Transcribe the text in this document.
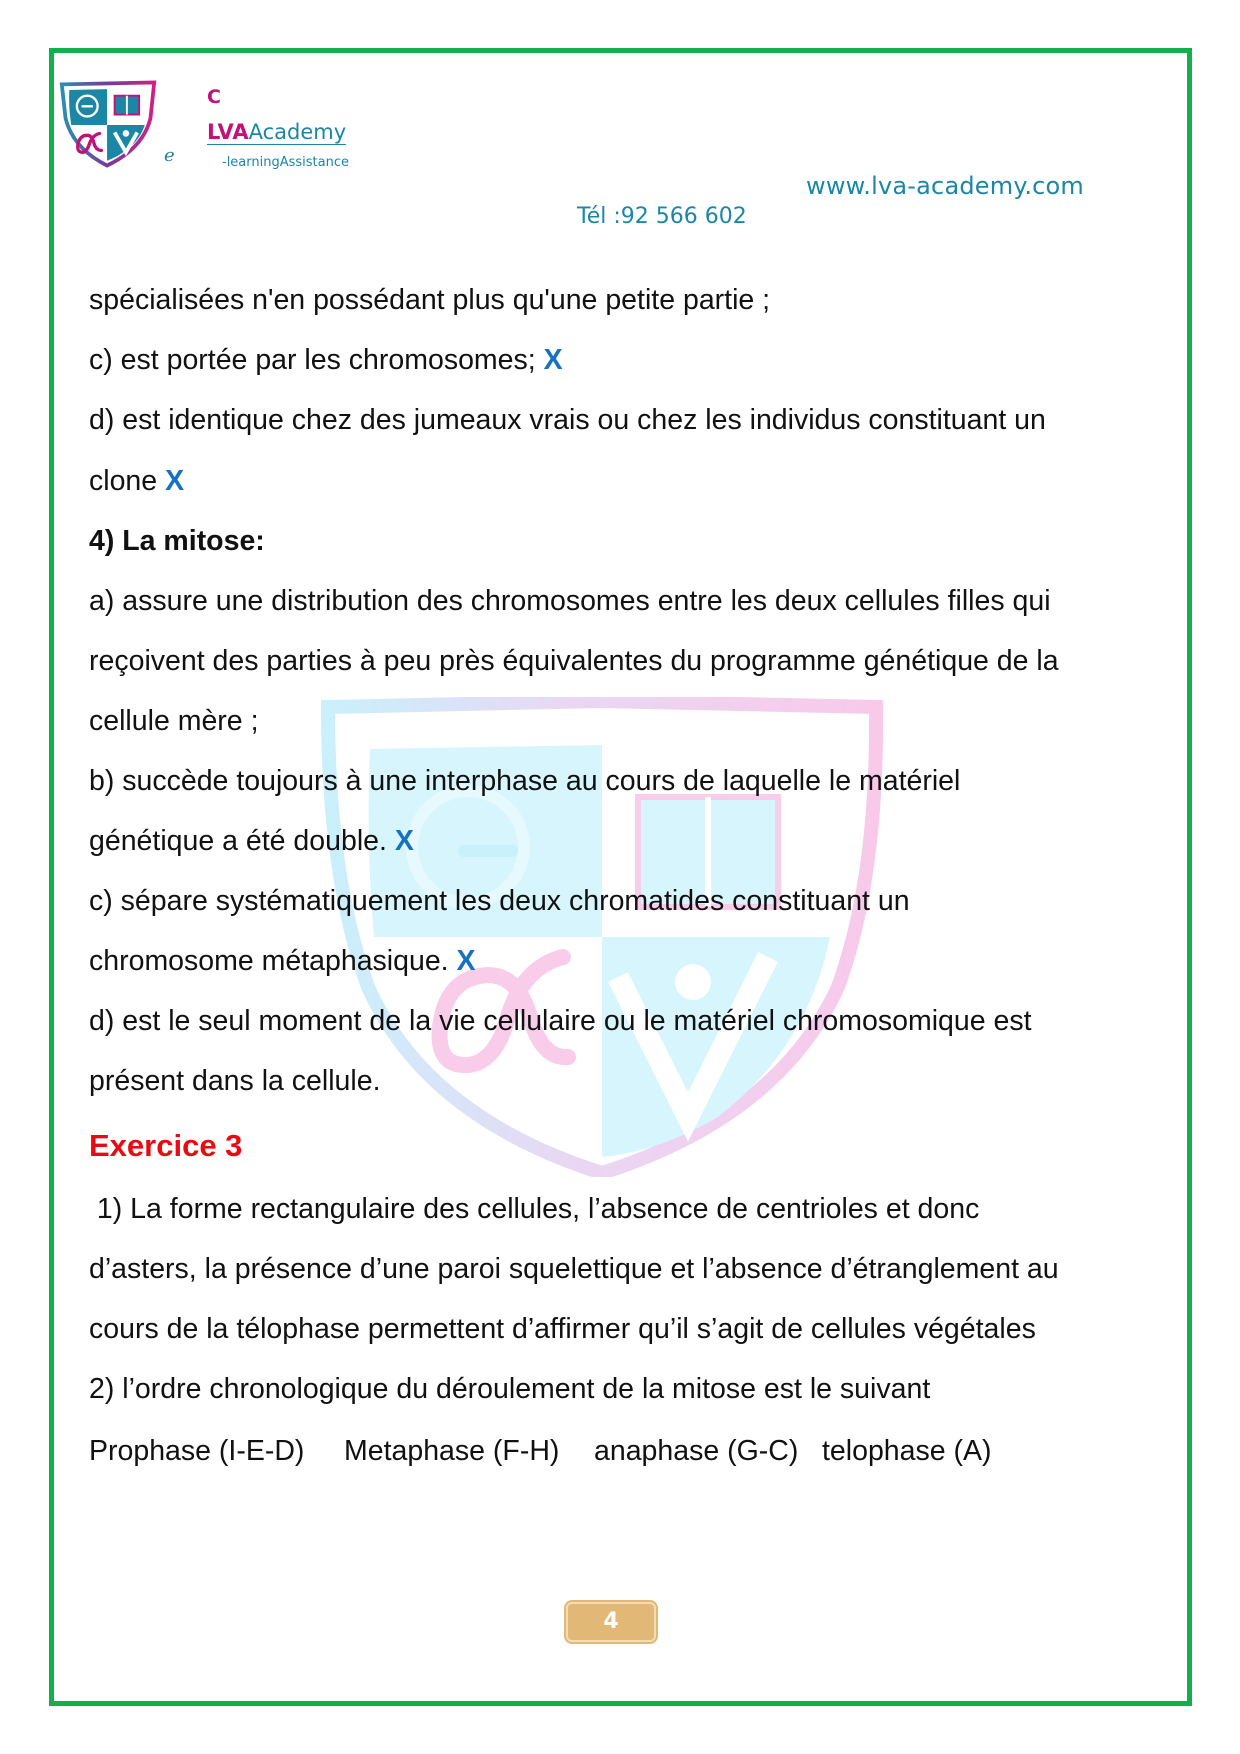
e
C
LVAAcademy
-learningAssistance
www.lva-academy.com
Tél :92 566 602
spécialisées n'en possédant plus qu'une petite partie ;
c) est portée par les chromosomes; X
d) est identique chez des jumeaux vrais ou chez les individus constituant un
clone X
4) La mitose:
a) assure une distribution des chromosomes entre les deux cellules filles qui
reçoivent des parties à peu près équivalentes du programme génétique de la
cellule mère ;
b) succède toujours à une interphase au cours de laquelle le matériel
génétique a été double. X
c) sépare systématiquement les deux chromatides constituant un
chromosome métaphasique. X
d) est le seul moment de la vie cellulaire ou le matériel chromosomique est
présent dans la cellule.
Exercice 3
1) La forme rectangulaire des cellules, l’absence de centrioles et donc
d’asters, la présence d’une paroi squelettique et l’absence d’étranglement au
cours de la télophase permettent d’affirmer qu’il s’agit de cellules végétales
2) l’ordre chronologique du déroulement de la mitose est le suivant
Prophase (I-E-D) Metaphase (F-H) anaphase (G-C) telophase (A)
4
